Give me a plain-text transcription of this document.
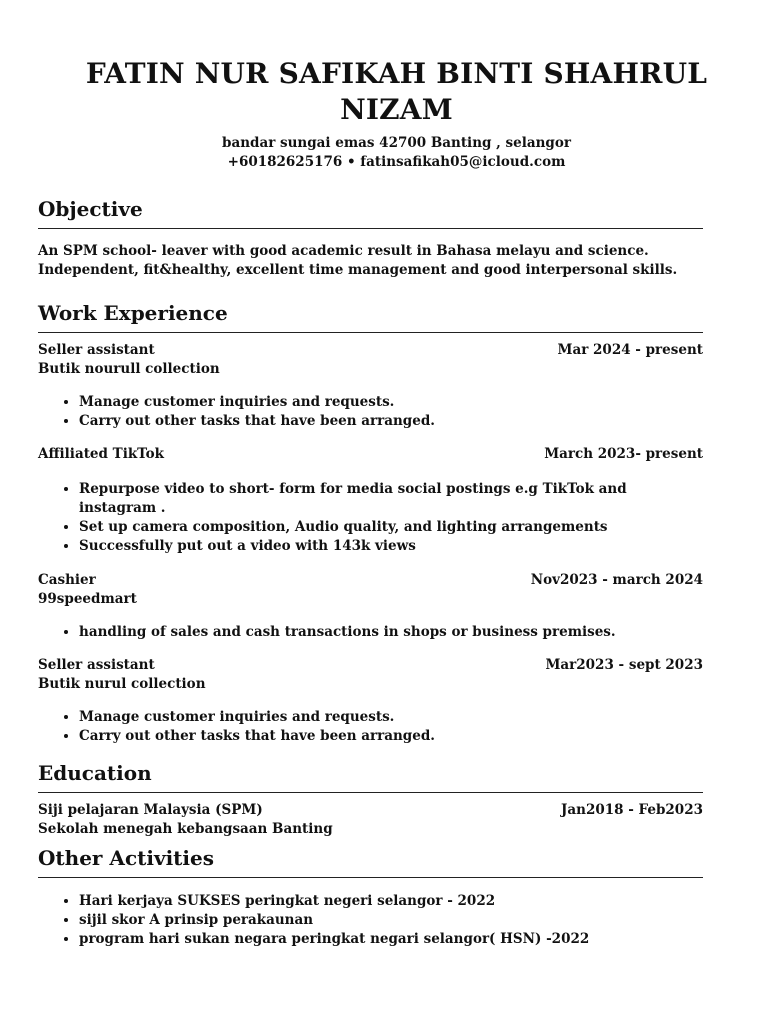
FATIN NUR SAFIKAH BINTI SHAHRUL NIZAM
bandar sungai emas 42700 Banting , selangor
+60182625176 • fatinsafikah05@icloud.com
Objective
An SPM school- leaver with good academic result in Bahasa melayu and science. Independent, fit&healthy, excellent time management and good interpersonal skills.
Work Experience
Seller assistant	Mar 2024 - present
Butik nourull collection
• Manage customer inquiries and requests.
• Carry out other tasks that have been arranged.
Affiliated TikTok	March 2023- present
• Repurpose video to short- form for media social postings e.g TikTok and instagram .
• Set up camera composition, Audio quality, and lighting arrangements
• Successfully put out a video with 143k views
Cashier	Nov2023 - march 2024
99speedmart
• handling of sales and cash transactions in shops or business premises.
Seller assistant	Mar2023 - sept 2023
Butik nurul collection
• Manage customer inquiries and requests.
• Carry out other tasks that have been arranged.
Education
Siji pelajaran Malaysia (SPM)	Jan2018 - Feb2023
Sekolah menegah kebangsaan Banting
Other Activities
• Hari kerjaya SUKSES peringkat negeri selangor - 2022
• sijil skor A prinsip perakaunan
• program hari sukan negara peringkat negari selangor( HSN) -2022
